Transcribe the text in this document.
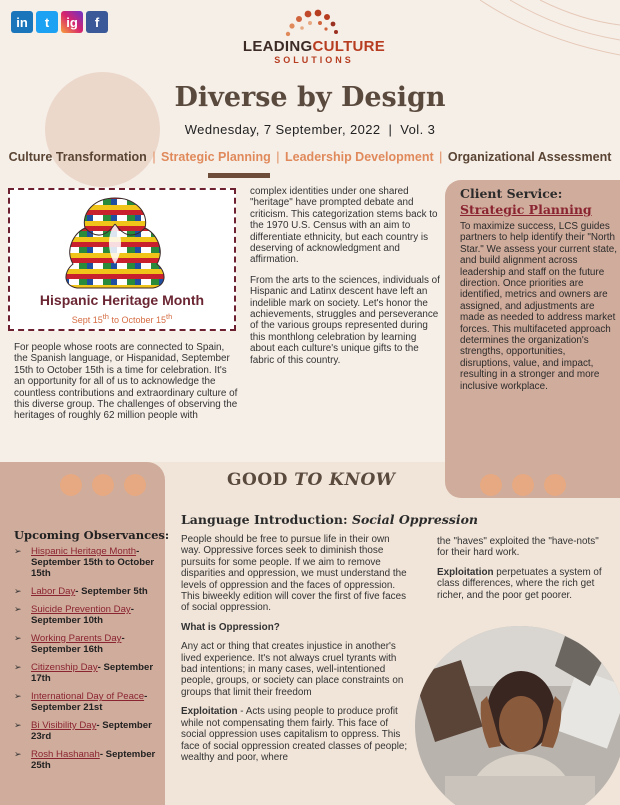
in	t	ig	f
LEADINGCULTURE
SOLUTIONS
Diverse by Design
Wednesday, 7 September, 2022  |  Vol. 3
Culture Transformation | Strategic Planning | Leadership Development | Organizational Assessment
Hispanic Heritage Month
Sept 15th to October 15th
For people whose roots are connected to Spain, the Spanish language, or Hispanidad, September 15th to October 15th is a time for celebration. It's an opportunity for all of us to acknowledge the countless contributions and extraordinary culture of this diverse group. The challenges of observing the heritages of roughly 62 million people with

complex identities under one shared "heritage" have prompted debate and criticism. This categorization stems back to the 1970 U.S. Census with an aim to differentiate ethnicity, but each country is deserving of acknowledgment and affirmation.

From the arts to the sciences, individuals of Hispanic and Latinx descent have left an indelible mark on society. Let's honor the achievements, struggles and perseverance of the various groups represented during this monthlong celebration by learning about each culture's unique gifts to the fabric of this country.

Client Service:
Strategic Planning
To maximize success, LCS guides partners to help identify their "North Star." We assess your current state, and build alignment across leadership and staff on the future direction. Once priorities are identified, metrics and owners are assigned, and adjustments are made as needed to address market forces. This multifaceted approach determines the organization's strengths, opportunities, disruptions, value, and impact, resulting in a stronger and more inclusive workplace.
GOOD TO KNOW
Upcoming Observances:
➢ Hispanic Heritage Month- September 15th to October 15th
➢ Labor Day- September 5th
➢ Suicide Prevention Day- September 10th
➢ Working Parents Day- September 16th
➢ Citizenship Day- September 17th
➢ International Day of Peace- September 21st
➢ Bi Visibility Day- September 23rd
➢ Rosh Hashanah- September 25th
Language Introduction: Social Oppression

People should be free to pursue life in their own way. Oppressive forces seek to diminish those pursuits for some people. If we aim to remove disparities and oppression, we must understand the levels of oppression and the faces of oppression. This biweekly edition will cover the first of five faces of social oppression.

What is Oppression?

Any act or thing that creates injustice in another's lived experience. It's not always cruel tyrants with bad intentions; in many cases, well-intentioned people, groups, or society can place constraints on groups that limit their freedom

Exploitation - Acts using people to produce profit while not compensating them fairly. This face of social oppression uses capitalism to oppress. This face of social oppression created classes of people; wealthy and poor, where

the "haves" exploited the "have-nots" for their hard work.

Exploitation perpetuates a system of class differences, where the rich get richer, and the poor get poorer.
